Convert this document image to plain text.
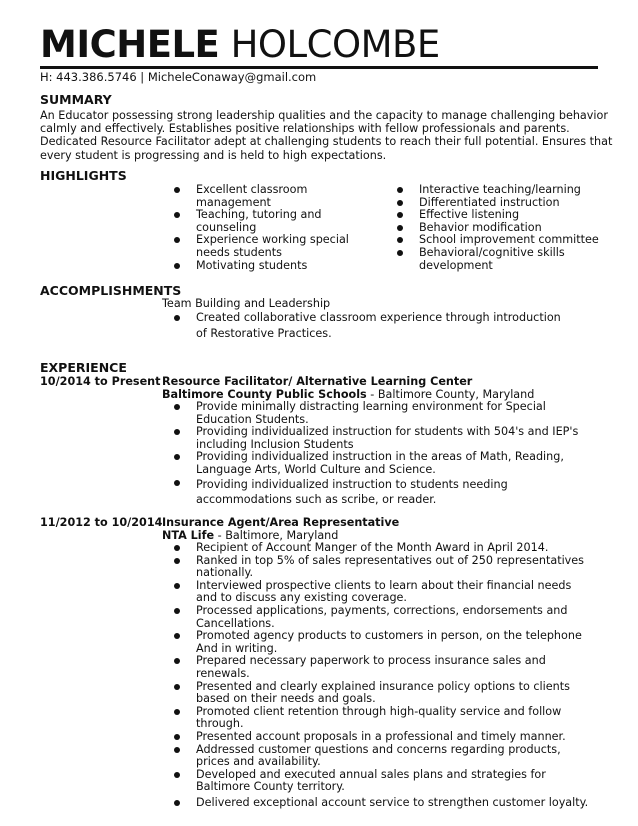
MICHELE HOLCOMBE
H: 443.386.5746 | MicheleConaway@gmail.com
SUMMARY
An Educator possessing strong leadership qualities and the capacity to manage challenging behavior
calmly and effectively. Establishes positive relationships with fellow professionals and parents.
Dedicated Resource Facilitator adept at challenging students to reach their full potential. Ensures that
every student is progressing and is held to high expectations.
HIGHLIGHTS
Excellent classroom management
Teaching, tutoring and counseling
Experience working special needs students
Motivating students
Interactive teaching/learning
Differentiated instruction
Effective listening
Behavior modification
School improvement committee
Behavioral/cognitive skills development
ACCOMPLISHMENTS
Team Building and Leadership
Created collaborative classroom experience through introduction of Restorative Practices.
EXPERIENCE
10/2014 to Present Resource Facilitator/ Alternative Learning Center
Baltimore County Public Schools - Baltimore County, Maryland
Provide minimally distracting learning environment for Special Education Students.
Providing individualized instruction for students with 504's and IEP's including Inclusion Students
Providing individualized instruction in the areas of Math, Reading, Language Arts, World Culture and Science.
Providing individualized instruction to students needing accommodations such as scribe, or reader.
11/2012 to 10/2014 Insurance Agent/Area Representative
NTA Life - Baltimore, Maryland
Recipient of Account Manger of the Month Award in April 2014.
Ranked in top 5% of sales representatives out of 250 representatives nationally.
Interviewed prospective clients to learn about their financial needs and to discuss any existing coverage.
Processed applications, payments, corrections, endorsements and Cancellations.
Promoted agency products to customers in person, on the telephone And in writing.
Prepared necessary paperwork to process insurance sales and renewals.
Presented and clearly explained insurance policy options to clients based on their needs and goals.
Promoted client retention through high-quality service and follow through.
Presented account proposals in a professional and timely manner.
Addressed customer questions and concerns regarding products, prices and availability.
Developed and executed annual sales plans and strategies for Baltimore County territory.
Delivered exceptional account service to strengthen customer loyalty.
